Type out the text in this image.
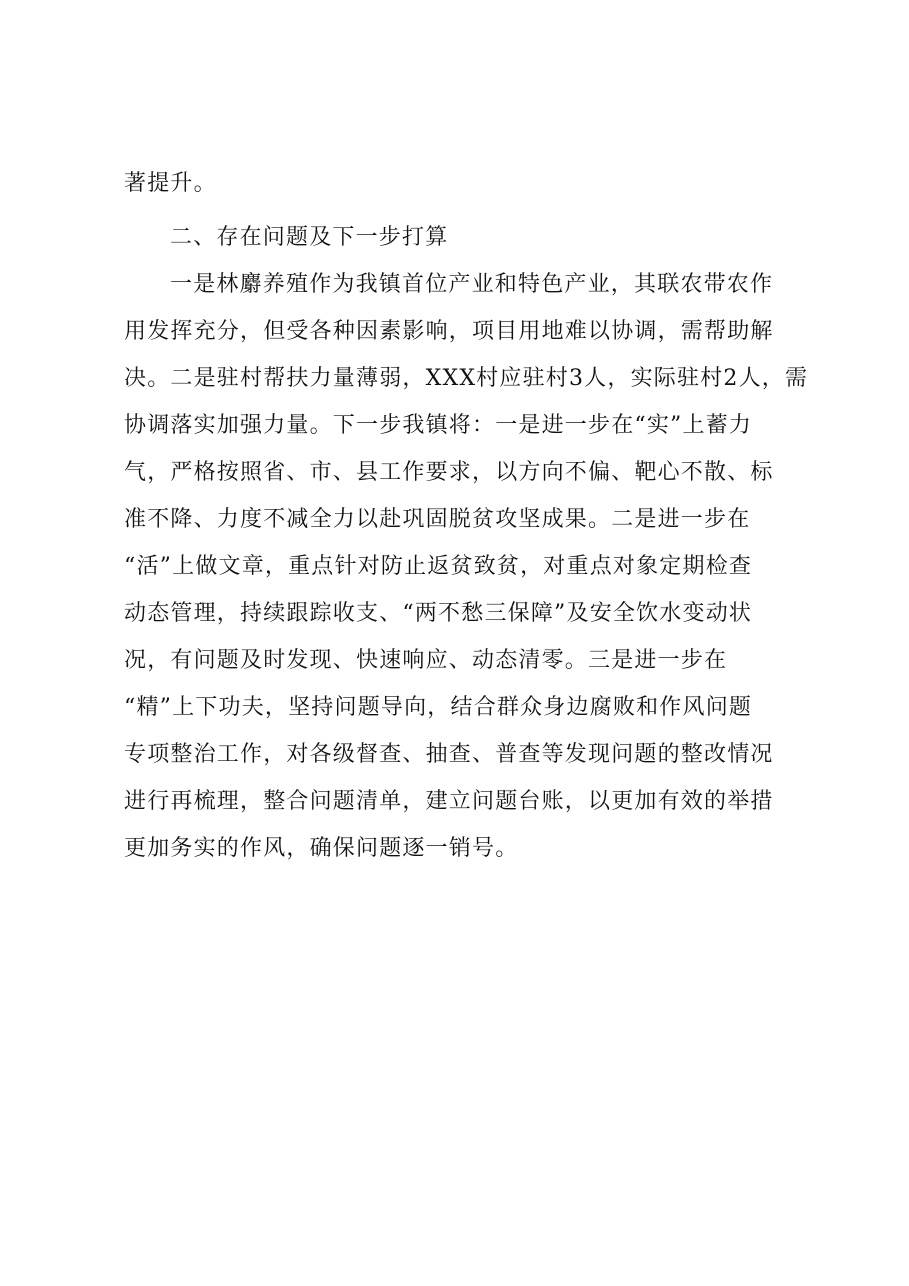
著提升。
二、存在问题及下一步打算
一是林麝养殖作为我镇首位产业和特色产业，其联农带农作
用发挥充分，但受各种因素影响，项目用地难以协调，需帮助解
决。二是驻村帮扶力量薄弱，XXX村应驻村3人，实际驻村2人，需
协调落实加强力量。下一步我镇将：一是进一步在“实”上蓄力
气，严格按照省、市、县工作要求，以方向不偏、靶心不散、标
准不降、力度不减全力以赴巩固脱贫攻坚成果。二是进一步在
“活”上做文章，重点针对防止返贫致贫，对重点对象定期检查
动态管理，持续跟踪收支、“两不愁三保障”及安全饮水变动状
况，有问题及时发现、快速响应、动态清零。三是进一步在
“精”上下功夫，坚持问题导向，结合群众身边腐败和作风问题
专项整治工作，对各级督查、抽查、普查等发现问题的整改情况
进行再梳理，整合问题清单，建立问题台账，以更加有效的举措
更加务实的作风，确保问题逐一销号。
